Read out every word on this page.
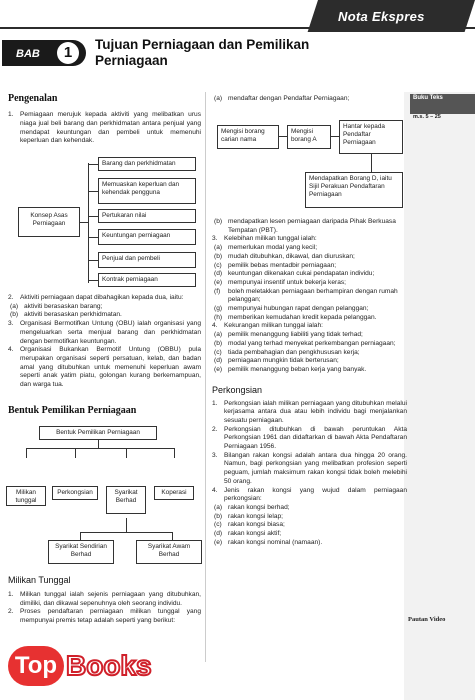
Nota Ekspres
BAB	1	Tujuan Perniagaan dan Pemilikan
Perniagaan
Buku Teks
m.s. 5 – 25
Pautan Video
Pengenalan
1. Pemiagaan merujuk kepada aktiviti yang melibatkan urus niaga jual beli barang dan perkhidmatan antara penjual yang mendapat keuntungan dan pembeli untuk memenuhi keperluan dan kehendak.
Konsep Asas Perniagaan
Barang dan perkhidmatan
Memuaskan keperluan dan kehendak pengguna
Pertukaran nilai
Keuntungan perniagaan
Penjual dan pembeli
Kontrak perniagaan
2. Aktiviti perniagaan dapat dibahagikan kepada dua, iaitu:
(a) aktiviti berasaskan barang;
(b) aktiviti berasaskan perkhidmatan.
3. Organisasi Bermotifkan Untung (OBU) ialah organisasi yang mengeluarkan serta menjual barang dan perkhidmatan dengan bermotifkan keuntungan.
4. Organisasi Bukankan Bermotif Untung (OBBU) pula merupakan organisasi seperti persatuan, kelab, dan badan amal yang ditubuhkan untuk memenuhi keperluan awam seperti anak yatim piatu, golongan kurang berkemampuan, dan warga tua.
Bentuk Pemilikan Perniagaan
Bentuk Pemilikan Perniagaan
Milikan tunggal
Perkongsian	Syarikat Berhad
Koperasi
Syarikat Sendirian Berhad
Syarikat Awam Berhad
Milikan Tunggal
1. Milikan tunggal ialah sejenis perniagaan yang ditubuhkan, dimiliki, dan dikawal sepenuhnya oleh seorang individu.
2. Proses pendaftaran perniagaan milikan tunggal yang mempunyai premis tetap adalah seperti yang berikut:
(a) mendaftar dengan Pendaftar Perniagaan;
Mengisi borang carian nama
Mengisi borang A
Hantar kepada Pendaftar Perniagaan
Mendapatkan Borang D, iaitu Sijil Perakuan Pendaftaran Perniagaan
(b) mendapatkan lesen perniagaan daripada Pihak Berkuasa Tempatan (PBT).
3. Kelebihan milikan tunggal ialah:
(a) memerlukan modal yang kecil;
(b) mudah ditubuhkan, dikawal, dan diuruskan;
(c) pemilik bebas mentadbir perniagaan;
(d) keuntungan dikenakan cukai pendapatan individu;
(e) mempunyai insentif untuk bekerja keras;
(f) boleh meletakkan perniagaan berhampiran dengan rumah pelanggan;
(g) mempunyai hubungan rapat dengan pelanggan;
(h) memberikan kemudahan kredit kepada pelanggan.
4. Kekurangan milikan tunggal ialah:
(a) pemilik menanggung liabiliti yang tidak terhad;
(b) modal yang terhad menyekat perkembangan perniagaan;
(c) tiada pembahagian dan pengkhususan kerja;
(d) perniagaan mungkin tidak berterusan;
(e) pemilik menanggung beban kerja yang banyak.
Perkongsian
1. Perkongsian ialah milikan perniagaan yang ditubuhkan melalui kerjasama antara dua atau lebih individu bagi menjalankan sesuatu perniagaan.
2. Perkongsian ditubuhkan di bawah peruntukan Akta Perkongsian 1961 dan didaftarkan di bawah Akta Pendaftaran Perniagaan 1956.
3. Bilangan rakan kongsi adalah antara dua hingga 20 orang. Namun, bagi perkongsian yang melibatkan profesion seperti peguam, jumlah maksimum rakan kongsi tidak boleh melebihi 50 orang.
4. Jenis rakan kongsi yang wujud dalam perniagaan perkongsian:
(a) rakan kongsi berhad;
(b) rakan kongsi lelap;
(c) rakan kongsi biasa;
(d) rakan kongsi aktif;
(e) rakan kongsi nominal (namaan).
Top Books
